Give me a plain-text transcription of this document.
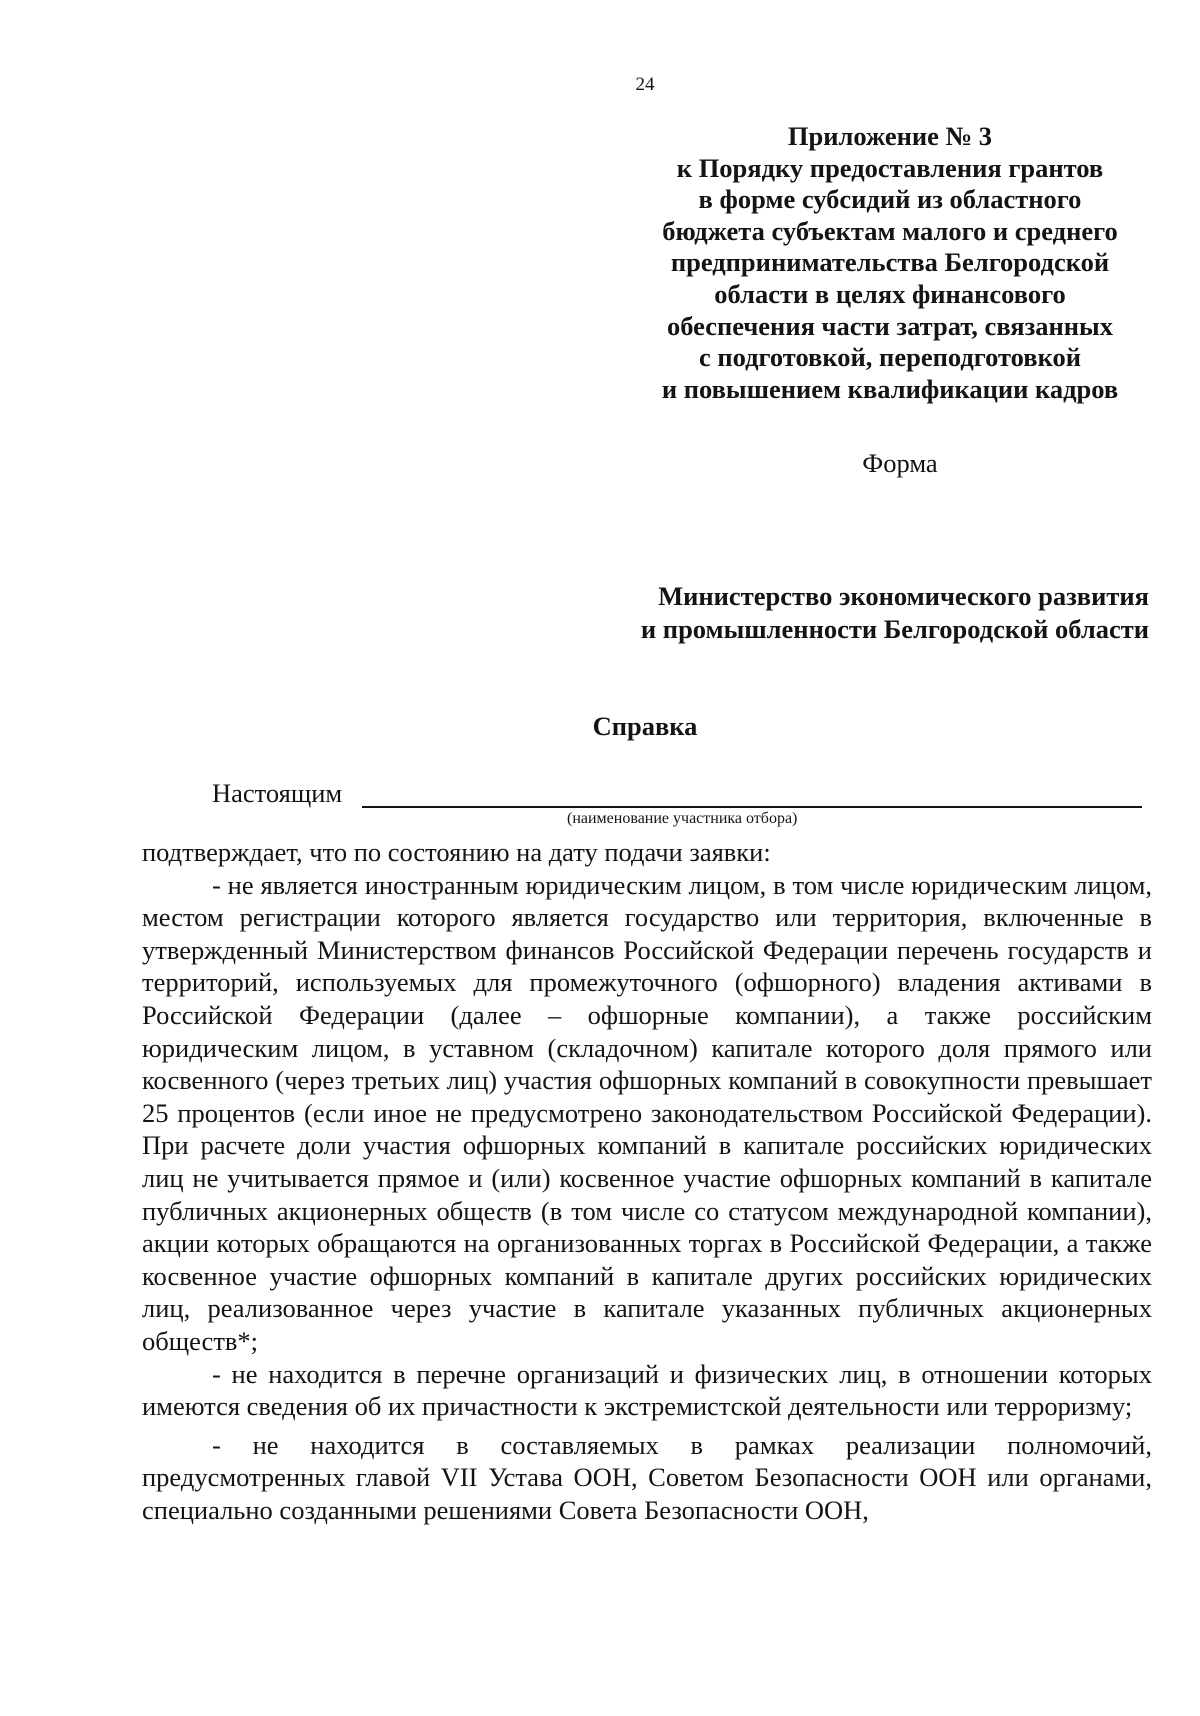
24
Приложение № 3
к Порядку предоставления грантов
в форме субсидий из областного
бюджета субъектам малого и среднего
предпринимательства Белгородской
области в целях финансового
обеспечения части затрат, связанных
с подготовкой, переподготовкой
и повышением квалификации кадров
Форма
Министерство экономического развития
и промышленности Белгородской области
Справка
Настоящим
(наименование участника отбора)

подтверждает, что по состоянию на дату подачи заявки:

- не является иностранным юридическим лицом, в том числе юридическим лицом, местом регистрации которого является государство или территория, включенные в утвержденный Министерством финансов Российской Федерации перечень государств и территорий, используемых для промежуточного (офшорного) владения активами в Российской Федерации (далее – офшорные компании), а также российским юридическим лицом, в уставном (складочном) капитале которого доля прямого или косвенного (через третьих лиц) участия офшорных компаний в совокупности превышает 25 процентов (если иное не предусмотрено законодательством Российской Федерации). При расчете доли участия офшорных компаний в капитале российских юридических лиц не учитывается прямое и (или) косвенное участие офшорных компаний в капитале публичных акционерных обществ (в том числе со статусом международной компании), акции которых обращаются на организованных торгах в Российской Федерации, а также косвенное участие офшорных компаний в капитале других российских юридических лиц, реализованное через участие в капитале указанных публичных акционерных обществ*;

- не находится в перечне организаций и физических лиц, в отношении которых имеются сведения об их причастности к экстремистской деятельности или терроризму;

- не находится в составляемых в рамках реализации полномочий, предусмотренных главой VII Устава ООН, Советом Безопасности ООН или органами, специально созданными решениями Совета Безопасности ООН,
